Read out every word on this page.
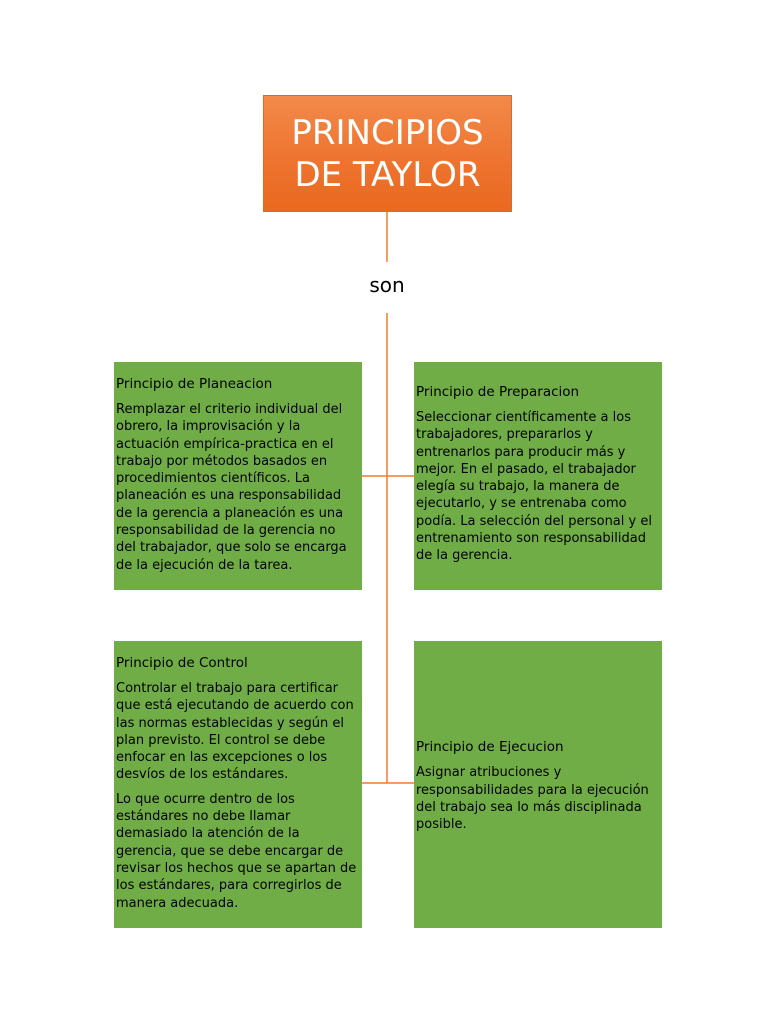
PRINCIPIOS DE TAYLOR
son
Principio de Planeacion

Remplazar el criterio individual del obrero, la improvisación y la actuación empírica-practica en el trabajo por métodos basados en procedimientos científicos. La planeación es una responsabilidad de la gerencia a planeación es una responsabilidad de la gerencia no del trabajador, que solo se encarga de la ejecución de la tarea.

Principio de Preparacion

Seleccionar científicamente a los trabajadores, prepararlos y entrenarlos para producir más y mejor. En el pasado, el trabajador elegía su trabajo, la manera de ejecutarlo, y se entrenaba como podía. La selección del personal y el entrenamiento son responsabilidad de la gerencia.

Principio de Control

Controlar el trabajo para certificar que está ejecutando de acuerdo con las normas establecidas y según el plan previsto. El control se debe enfocar en las excepciones o los desvíos de los estándares.

Lo que ocurre dentro de los estándares no debe llamar demasiado la atención de la gerencia, que se debe encargar de revisar los hechos que se apartan de los estándares, para corregirlos de manera adecuada.

Principio de Ejecucion

Asignar atribuciones y responsabilidades para la ejecución del trabajo sea lo más disciplinada posible.
